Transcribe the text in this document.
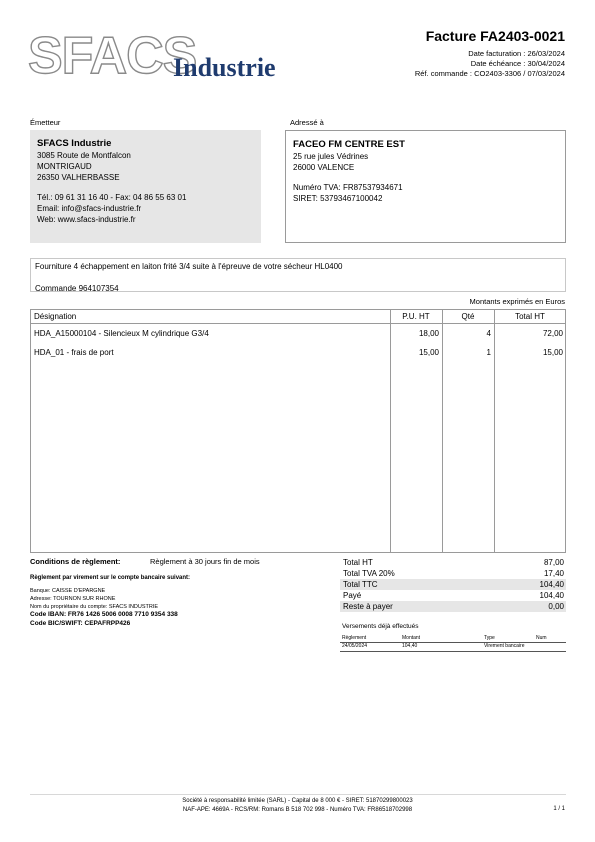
SFACS
Industrie
Facture FA2403-0021
Date facturation : 26/03/2024
Date échéance : 30/04/2024
Réf. commande : CO2403-3306 / 07/03/2024
Émetteur	Adressé à
SFACS Industrie
3085 Route de Montfalcon
MONTRIGAUD
26350 VALHERBASSE
Tél.: 09 61 31 16 40 - Fax: 04 86 55 63 01
Email: info@sfacs-industrie.fr
Web: www.sfacs-industrie.fr
FACEO FM CENTRE EST
25 rue jules Védrines
26000 VALENCE
Numéro TVA: FR87537934671
SIRET: 53793467100042
Fourniture 4 échappement en laiton frité 3/4 suite à l'épreuve de votre sécheur HL0400
Commande 964107354
Montants exprimés en Euros
Désignation	P.U. HT	Qté	Total HT
HDA_A15000104 - Silencieux M cylindrique G3/4	18,00	4	72,00
HDA_01 - frais de port	15,00	1	15,00
Conditions de règlement:	Règlement à 30 jours fin de mois
Règlement par virement sur le compte bancaire suivant:
Banque: CAISSE D'EPARGNE
Adresse: TOURNON SUR RHONE
Nom du propriétaire du compte: SFACS INDUSTRIE
Code IBAN: FR76 1426 5006 0008 7710 9354 338
Code BIC/SWIFT: CEPAFRPP426
Total HT	87,00
Total TVA 20%	17,40
Total TTC	104,40
Payé	104,40
Reste à payer	0,00
Versements déjà effectués
Règlement	Montant	Type	Num
24/05/2024	104,40	Virement bancaire
Société à responsabilité limitée (SARL) - Capital de 8 000 € - SIRET: 51870299800023
NAF-APE: 4669A - RCS/RM: Romans B 518 702 998 - Numéro TVA: FR86518702998	1 / 1
